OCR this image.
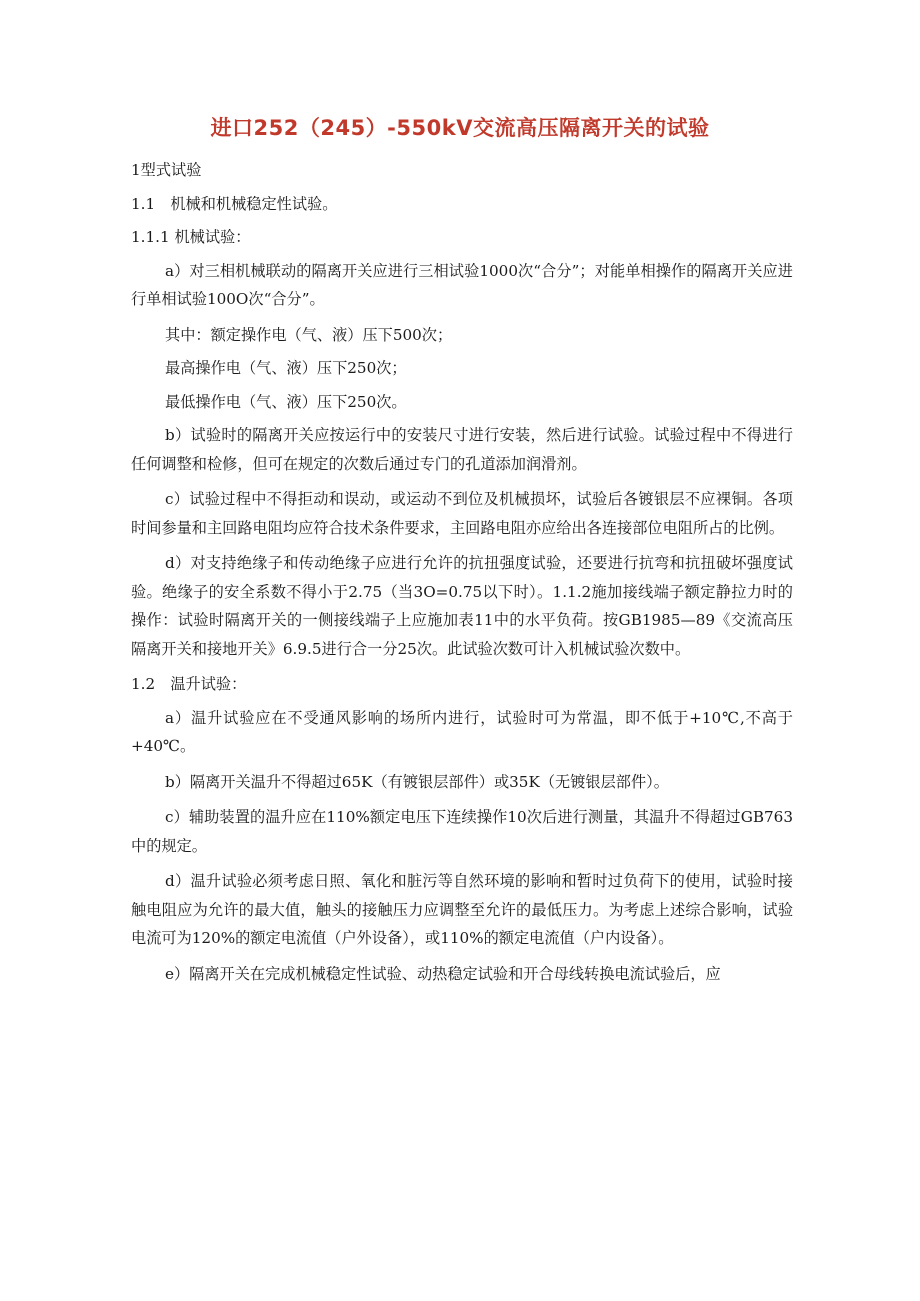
进口252（245）-550kV交流高压隔离开关的试验

1型式试验

1.1　机械和机械稳定性试验。

1.1.1 机械试验：

a）对三相机械联动的隔离开关应进行三相试验1000次“合分”；对能单相操作的隔离开关应进行单相试验100O次“合分”。

其中：额定操作电（气、液）压下500次；

最高操作电（气、液）压下250次；

最低操作电（气、液）压下250次。

b）试验时的隔离开关应按运行中的安装尺寸进行安装，然后进行试验。试验过程中不得进行任何调整和检修，但可在规定的次数后通过专门的孔道添加润滑剂。

c）试验过程中不得拒动和误动，或运动不到位及机械损坏，试验后各镀银层不应裸铜。各项时间参量和主回路电阻均应符合技术条件要求，主回路电阻亦应给出各连接部位电阻所占的比例。

d）对支持绝缘子和传动绝缘子应进行允许的抗扭强度试验，还要进行抗弯和抗扭破坏强度试验。绝缘子的安全系数不得小于2.75（当3O=0.75以下时）。1.1.2施加接线端子额定静拉力时的操作：试验时隔离开关的一侧接线端子上应施加表11中的水平负荷。按GB1985—89《交流高压隔离开关和接地开关》6.9.5进行合一分25次。此试验次数可计入机械试验次数中。

1.2　温升试验：

a）温升试验应在不受通风影响的场所内进行，试验时可为常温，即不低于+10℃,不高于+40℃。

b）隔离开关温升不得超过65K（有镀银层部件）或35K（无镀银层部件）。

c）辅助装置的温升应在110%额定电压下连续操作10次后进行测量，其温升不得超过GB763中的规定。

d）温升试验必须考虑日照、氧化和脏污等自然环境的影响和暂时过负荷下的使用，试验时接触电阻应为允许的最大值，触头的接触压力应调整至允许的最低压力。为考虑上述综合影响，试验电流可为120%的额定电流值（户外设备），或110%的额定电流值（户内设备）。

e）隔离开关在完成机械稳定性试验、动热稳定试验和开合母线转换电流试验后，应
